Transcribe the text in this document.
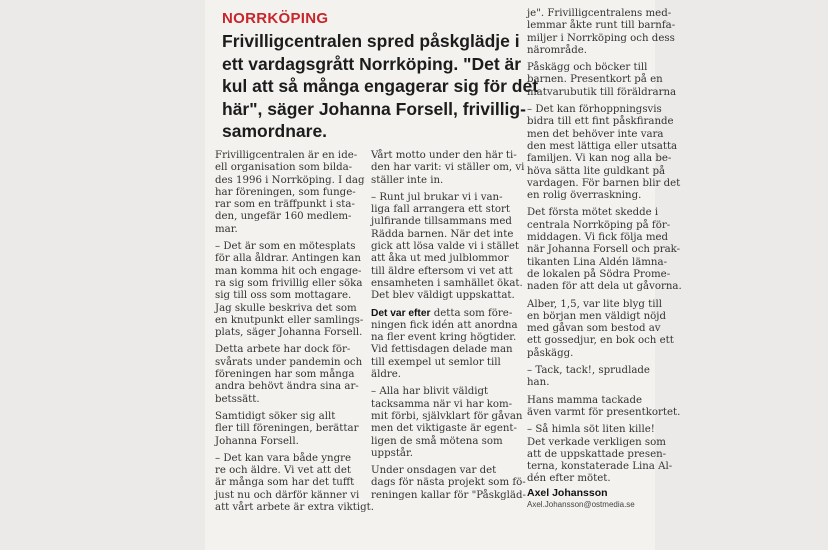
NORRKÖPING
Frivilligcentralen spred påskglädje i
ett vardagsgrått Norrköping. "Det är
kul att så många engagerar sig för det
här", säger Johanna Forsell, frivillig-
samordnare.
Frivilligcentralen är en ide-
ell organisation som bilda-
des 1996 i Norrköping. I dag
har föreningen, som funge-
rar som en träffpunkt i sta-
den, ungefär 160 medlem-
mar.
– Det är som en mötesplats
för alla åldrar. Antingen kan
man komma hit och engage-
ra sig som frivillig eller söka
sig till oss som mottagare.
Jag skulle beskriva det som
en knutpunkt eller samlings-
plats, säger Johanna Forsell.
Detta arbete har dock för-
svårats under pandemin och
föreningen har som många
andra behövt ändra sina ar-
betssätt.
Samtidigt söker sig allt
fler till föreningen, berättar
Johanna Forsell.
– Det kan vara både yngre
re och äldre. Vi vet att det
är många som har det tufft
just nu och därför känner vi
att vårt arbete är extra viktigt.
Vårt motto under den här ti-
den har varit: vi ställer om, vi
ställer inte in.
– Runt jul brukar vi i van-
liga fall arrangera ett stort
julfirande tillsammans med
Rädda barnen. När det inte
gick att lösa valde vi i stället
att åka ut med julblommor
till äldre eftersom vi vet att
ensamheten i samhället ökat.
Det blev väldigt uppskattat.
Det var efter detta som före-
ningen fick idén att anordna
na fler event kring högtider.
Vid fettisdagen delade man
till exempel ut semlor till
äldre.
– Alla har blivit väldigt
tacksamma när vi har kom-
mit förbi, självklart för gåvan
men det viktigaste är egent-
ligen de små mötena som
uppstår.
Under onsdagen var det
dags för nästa projekt som fö-
reningen kallar för "Påskgläd-
je". Frivilligcentralens med-
lemmar åkte runt till barnfa-
miljer i Norrköping och dess
närområde.
Påskägg och böcker till
barnen. Presentkort på en
matvarubutik till föräldrarna
– Det kan förhoppningsvis
bidra till ett fint påskfirande
men det behöver inte vara
den mest lättiga eller utsatta
familjen. Vi kan nog alla be-
höva sätta lite guldkant på
vardagen. För barnen blir det
en rolig överraskning.
Det första mötet skedde i
centrala Norrköping på för-
middagen. Vi fick följa med
när Johanna Forsell och prak-
tikanten Lina Aldén lämna-
de lokalen på Södra Prome-
naden för att dela ut gåvorna.
Alber, 1,5, var lite blyg till
en början men väldigt nöjd
med gåvan som bestod av
ett gossedjur, en bok och ett
påskägg.
– Tack, tack!, sprudlade
han.
Hans mamma tackade
även varmt för presentkortet.
– Så himla söt liten kille!
Det verkade verkligen som
att de uppskattade presen-
terna, konstaterade Lina Al-
dén efter mötet.
Axel Johansson
Axel.Johansson@ostmedia.se
